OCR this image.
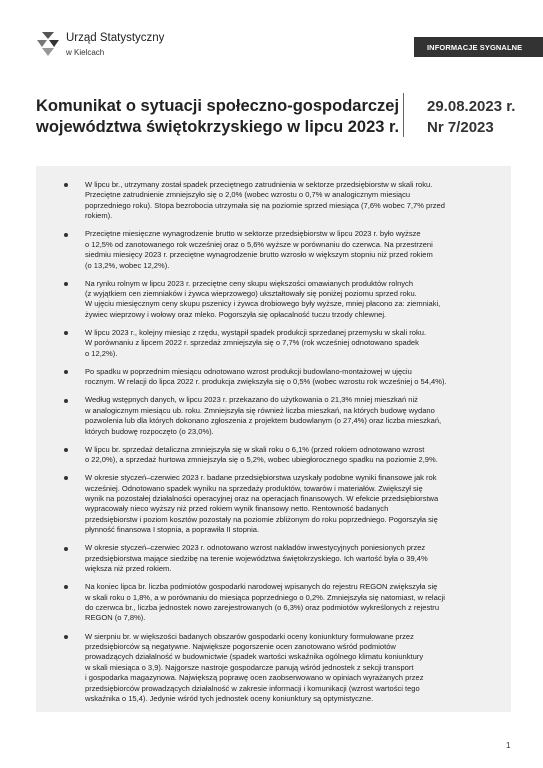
Urząd Statystyczny
w Kielcach
INFORMACJE SYGNALNE
Komunikat o sytuacji społeczno-gospodarczej
województwa świętokrzyskiego w lipcu 2023 r.
29.08.2023 r.
Nr 7/2023
W lipcu br., utrzymany został spadek przeciętnego zatrudnienia w sektorze przedsiębiorstw w skali roku.
Przeciętne zatrudnienie zmniejszyło się o 2,0% (wobec wzrostu o 0,7% w analogicznym miesiącu
poprzedniego roku). Stopa bezrobocia utrzymała się na poziomie sprzed miesiąca (7,6% wobec 7,7% przed
rokiem).
Przeciętne miesięczne wynagrodzenie brutto w sektorze przedsiębiorstw w lipcu 2023 r. było wyższe
o 12,5% od zanotowanego rok wcześniej oraz o 5,6% wyższe w porównaniu do czerwca. Na przestrzeni
siedmiu miesięcy 2023 r. przeciętne wynagrodzenie brutto wzrosło w większym stopniu niż przed rokiem
(o 13,2%, wobec 12,2%).
Na rynku rolnym w lipcu 2023 r. przeciętne ceny skupu większości omawianych produktów rolnych
(z wyjątkiem cen ziemniaków i żywca wieprzowego) ukształtowały się poniżej poziomu sprzed roku.
W ujęciu miesięcznym ceny skupu pszenicy i żywca drobiowego były wyższe, mniej płacono za: ziemniaki,
żywiec wieprzowy i wołowy oraz mleko. Pogorszyła się opłacalność tuczu trzody chlewnej.
W lipcu 2023 r., kolejny miesiąc z rzędu, wystąpił spadek produkcji sprzedanej przemysłu w skali roku.
W porównaniu z lipcem 2022 r. sprzedaż zmniejszyła się o 7,7% (rok wcześniej odnotowano spadek
o 12,2%).
Po spadku w poprzednim miesiącu odnotowano wzrost produkcji budowlano-montażowej w ujęciu
rocznym. W relacji do lipca 2022 r. produkcja zwiększyła się o 0,5% (wobec wzrostu rok wcześniej o 54,4%).
Według wstępnych danych, w lipcu 2023 r. przekazano do użytkowania o 21,3% mniej mieszkań niż
w analogicznym miesiącu ub. roku. Zmniejszyła się również liczba mieszkań, na których budowę wydano
pozwolenia lub dla których dokonano zgłoszenia z projektem budowlanym (o 27,4%) oraz liczba mieszkań,
których budowę rozpoczęto (o 23,0%).
W lipcu br. sprzedaż detaliczna zmniejszyła się w skali roku o 6,1% (przed rokiem odnotowano wzrost
o 22,0%), a sprzedaż hurtowa zmniejszyła się o 5,2%, wobec ubiegłorocznego spadku na poziomie 2,9%.
W okresie styczeń–czerwiec 2023 r. badane przedsiębiorstwa uzyskały podobne wyniki finansowe jak rok
wcześniej. Odnotowano spadek wyniku na sprzedaży produktów, towarów i materiałów. Zwiększył się
wynik na pozostałej działalności operacyjnej oraz na operacjach finansowych. W efekcie przedsiębiorstwa
wypracowały nieco wyższy niż przed rokiem wynik finansowy netto. Rentowność badanych
przedsiębiorstw i poziom kosztów pozostały na poziomie zbliżonym do roku poprzedniego. Pogorszyła się
płynność finansowa I stopnia, a poprawiła II stopnia.
W okresie styczeń–czerwiec 2023 r. odnotowano wzrost nakładów inwestycyjnych poniesionych przez
przedsiębiorstwa mające siedzibę na terenie województwa świętokrzyskiego. Ich wartość była o 39,4%
większa niż przed rokiem.
Na koniec lipca br. liczba podmiotów gospodarki narodowej wpisanych do rejestru REGON zwiększyła się
w skali roku o 1,8%, a w porównaniu do miesiąca poprzedniego o 0,2%. Zmniejszyła się natomiast, w relacji
do czerwca br., liczba jednostek nowo zarejestrowanych (o 6,3%) oraz podmiotów wykreślonych z rejestru
REGON (o 7,8%).
W sierpniu br. w większości badanych obszarów gospodarki oceny koniunktury formułowane przez
przedsiębiorców są negatywne. Największe pogorszenie ocen zanotowano wśród podmiotów
prowadzących działalność w budownictwie (spadek wartości wskaźnika ogólnego klimatu koniunktury
w skali miesiąca o 3,9). Najgorsze nastroje gospodarcze panują wśród jednostek z sekcji transport
i gospodarka magazynowa. Największą poprawę ocen zaobserwowano w opiniach wyrażanych przez
przedsiębiorców prowadzących działalność w zakresie informacji i komunikacji (wzrost wartości tego
wskaźnika o 15,4). Jedynie wśród tych jednostek oceny koniunktury są optymistyczne.
1
